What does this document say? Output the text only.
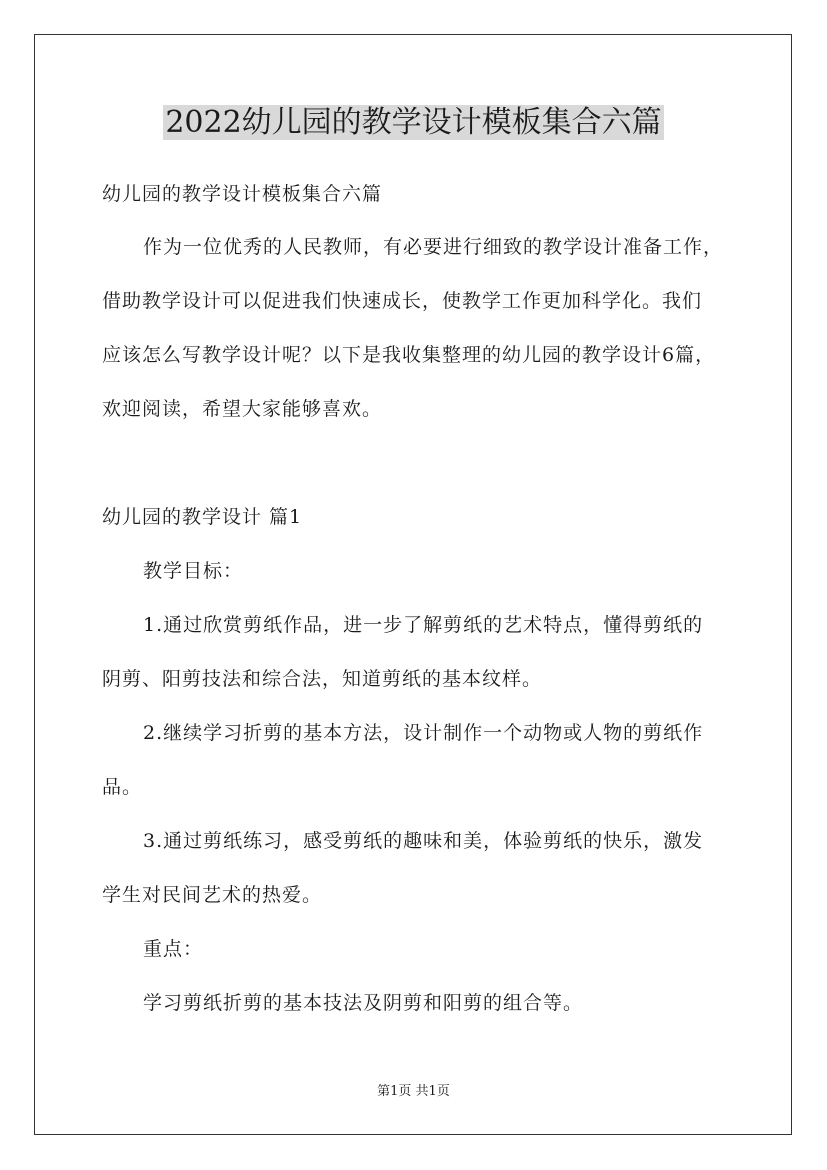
2022幼儿园的教学设计模板集合六篇
幼儿园的教学设计模板集合六篇
作为一位优秀的人民教师，有必要进行细致的教学设计准备工作，
借助教学设计可以促进我们快速成长，使教学工作更加科学化。我们
应该怎么写教学设计呢？以下是我收集整理的幼儿园的教学设计6篇，
欢迎阅读，希望大家能够喜欢。
幼儿园的教学设计 篇1
教学目标：
1.通过欣赏剪纸作品，进一步了解剪纸的艺术特点，懂得剪纸的
阴剪、阳剪技法和综合法，知道剪纸的基本纹样。
2.继续学习折剪的基本方法，设计制作一个动物或人物的剪纸作
品。
3.通过剪纸练习，感受剪纸的趣味和美，体验剪纸的快乐，激发
学生对民间艺术的热爱。
重点：
学习剪纸折剪的基本技法及阴剪和阳剪的组合等。
第1页 共1页
